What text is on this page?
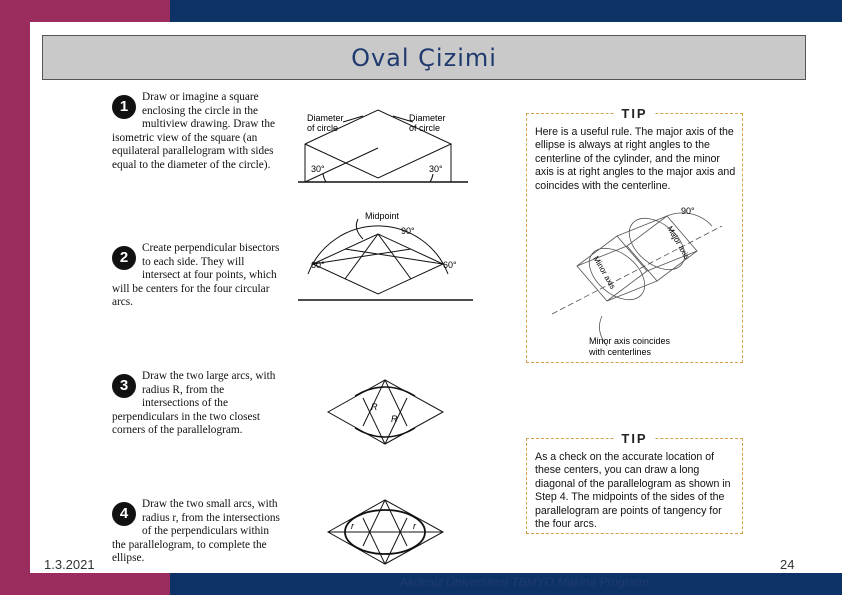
Oval Çizimi
1
Draw or imagine a square enclosing the circle in the multiview drawing. Draw the isometric view of the square (an equilateral parallelogram with sides equal to the diameter of the circle).
2
Create perpendicular bisectors to each side. They will intersect at four points, which will be centers for the four circular arcs.
3
Draw the two large arcs, with radius R, from the intersections of the perpendiculars in the two closest corners of the parallelogram.
4
Draw the two small arcs, with radius r, from the intersections of the perpendiculars within the parallelogram, to complete the ellipse.
Diameter
of circle
Diameter
of circle
30°	30°
Midpoint
90°
60°	60°
R
R
r	r
TIP
Here is a useful rule. The major axis of the ellipse is always at right angles to the centerline of the cylinder, and the minor axis is at right angles to the major axis and coincides with the centerline.
90°
Major axis
Minor axis
Minor axis coincides
with centerlines
TIP
As a check on the accurate location of these centers, you can draw a long diagonal of the parallelogram as shown in Step 4. The midpoints of the sides of the parallelogram are points of tangency for the four arcs.
1.3.2021	24
Akdeniz Üniversitesi TBMYO Makina Programı
